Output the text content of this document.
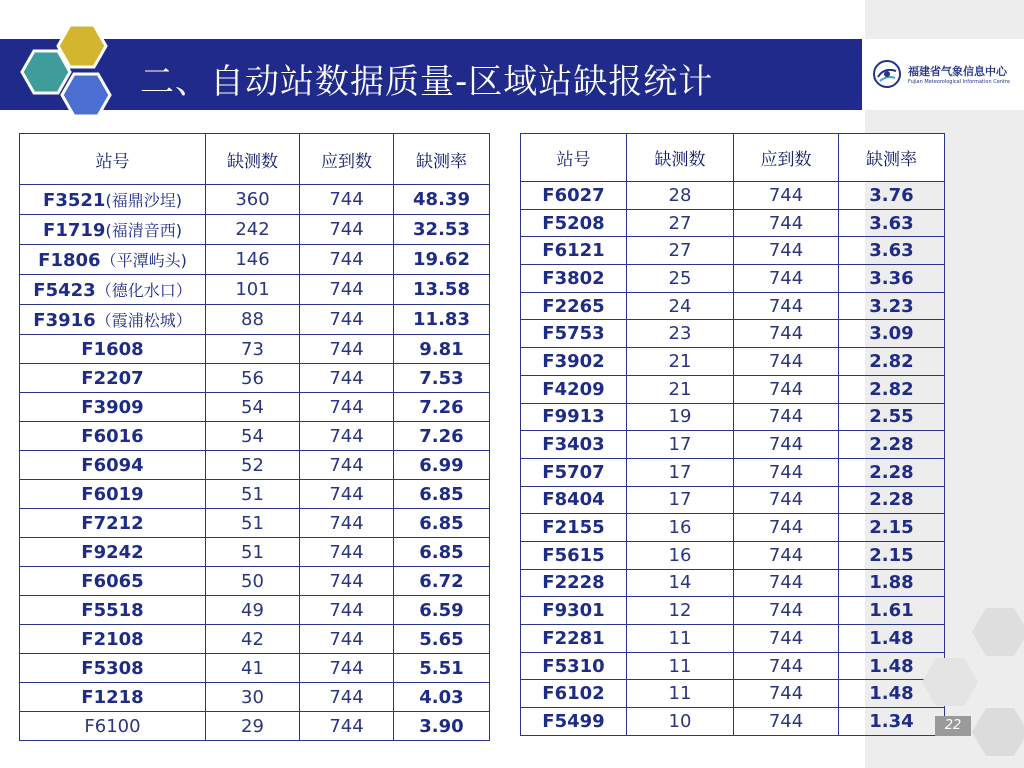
二、自动站数据质量-区域站缺报统计	福建省气象信息中心
Fujian Meteorological Information Centre
站号	缺测数	应到数	缺测率
F3521(福鼎沙埕)	360	744	48.39
F1719(福清音西)	242	744	32.53
F1806（平潭屿头)	146	744	19.62
F5423（德化水口）	101	744	13.58
F3916（霞浦松城）	88	744	11.83
F1608	73	744	9.81
F2207	56	744	7.53
F3909	54	744	7.26
F6016	54	744	7.26
F6094	52	744	6.99
F6019	51	744	6.85
F7212	51	744	6.85
F9242	51	744	6.85
F6065	50	744	6.72
F5518	49	744	6.59
F2108	42	744	5.65
F5308	41	744	5.51
F1218	30	744	4.03
F6100	29	744	3.90
站号	缺测数	应到数	缺测率
F6027	28	744	3.76
F5208	27	744	3.63
F6121	27	744	3.63
F3802	25	744	3.36
F2265	24	744	3.23
F5753	23	744	3.09
F3902	21	744	2.82
F4209	21	744	2.82
F9913	19	744	2.55
F3403	17	744	2.28
F5707	17	744	2.28
F8404	17	744	2.28
F2155	16	744	2.15
F5615	16	744	2.15
F2228	14	744	1.88
F9301	12	744	1.61
F2281	11	744	1.48
F5310	11	744	1.48
F6102	11	744	1.48
F5499	10	744	1.34	22
